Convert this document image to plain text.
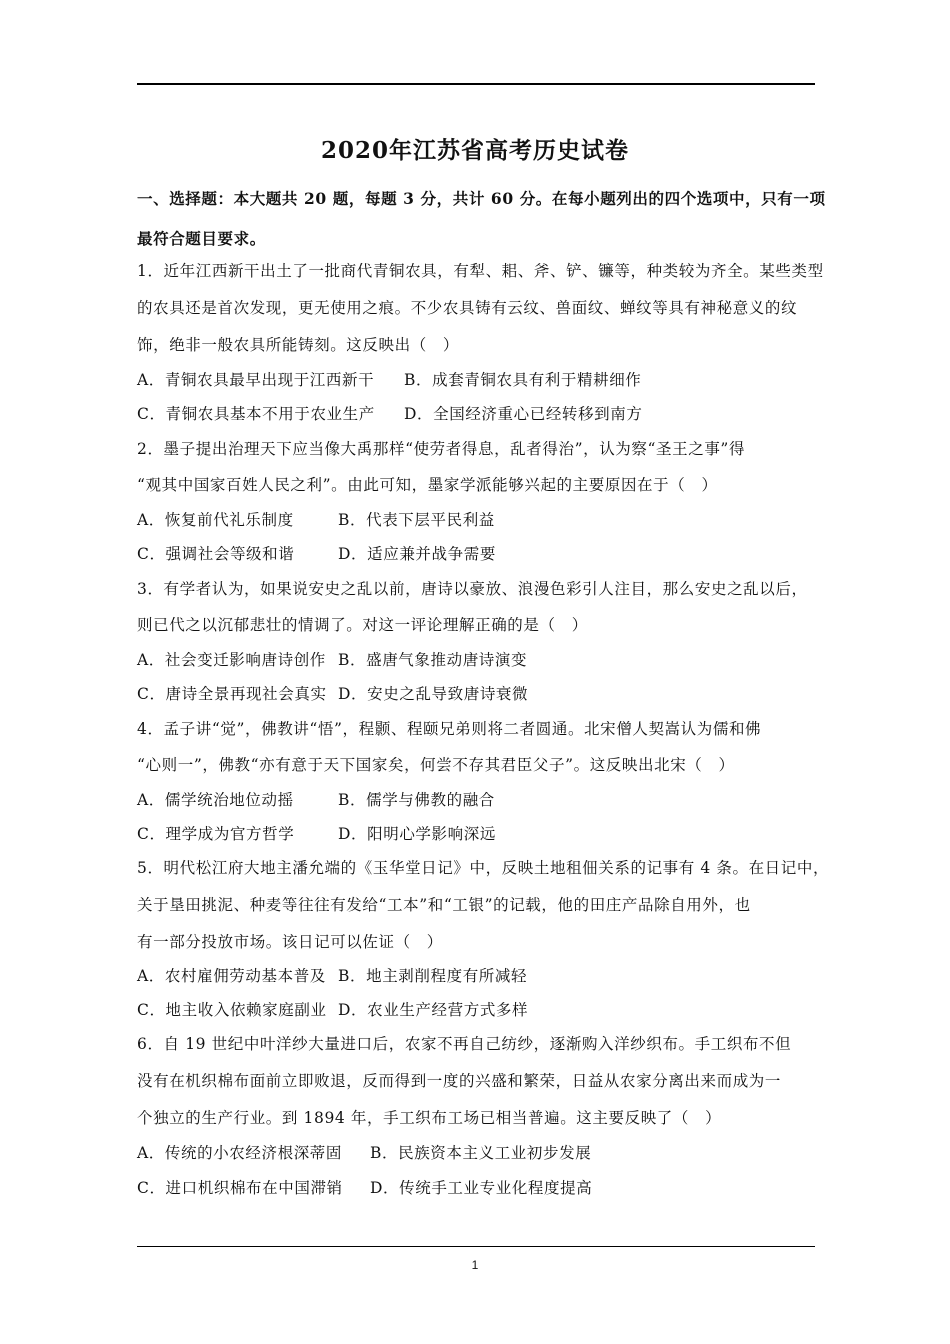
2020年江苏省高考历史试卷
一、选择题：本大题共 20 题，每题 3 分，共计 60 分。在每小题列出的四个选项中，只有一项
最符合题目要求。
1．近年江西新干出土了一批商代青铜农具，有犁、耜、斧、铲、镰等，种类较为齐全。某些类型
的农具还是首次发现，更无使用之痕。不少农具铸有云纹、兽面纹、蝉纹等具有神秘意义的纹
饰，绝非一般农具所能铸刻。这反映出（　）
A．青铜农具最早出现于江西新干 B．成套青铜农具有利于精耕细作
C．青铜农具基本不用于农业生产 D．全国经济重心已经转移到南方
2．墨子提出治理天下应当像大禹那样“使劳者得息，乱者得治”，认为察“圣王之事”得
“观其中国家百姓人民之利”。由此可知，墨家学派能够兴起的主要原因在于（　）
A．恢复前代礼乐制度	B．代表下层平民利益
C．强调社会等级和谐	D．适应兼并战争需要
3．有学者认为，如果说安史之乱以前，唐诗以豪放、浪漫色彩引人注目，那么安史之乱以后，
则已代之以沉郁悲壮的情调了。对这一评论理解正确的是（　）
A．社会变迁影响唐诗创作 B．盛唐气象推动唐诗演变
C．唐诗全景再现社会真实 D．安史之乱导致唐诗衰微
4．孟子讲“觉”，佛教讲“悟”，程颢、程颐兄弟则将二者圆通。北宋僧人契嵩认为儒和佛
“心则一”，佛教“亦有意于天下国家矣，何尝不存其君臣父子”。这反映出北宋（　）
A．儒学统治地位动摇	B．儒学与佛教的融合
C．理学成为官方哲学	D．阳明心学影响深远
5．明代松江府大地主潘允端的《玉华堂日记》中，反映土地租佃关系的记事有 4 条。在日记中，
关于垦田挑泥、种麦等往往有发给“工本”和“工银”的记载，他的田庄产品除自用外，也
有一部分投放市场。该日记可以佐证（　）
A．农村雇佣劳动基本普及 B．地主剥削程度有所减轻
C．地主收入依赖家庭副业 D．农业生产经营方式多样
6．自 19 世纪中叶洋纱大量进口后，农家不再自己纺纱，逐渐购入洋纱织布。手工织布不但
没有在机织棉布面前立即败退，反而得到一度的兴盛和繁荣，日益从农家分离出来而成为一
个独立的生产行业。到 1894 年，手工织布工场已相当普遍。这主要反映了（　）
A．传统的小农经济根深蒂固 B．民族资本主义工业初步发展
C．进口机织棉布在中国滞销 D．传统手工业专业化程度提高
1
